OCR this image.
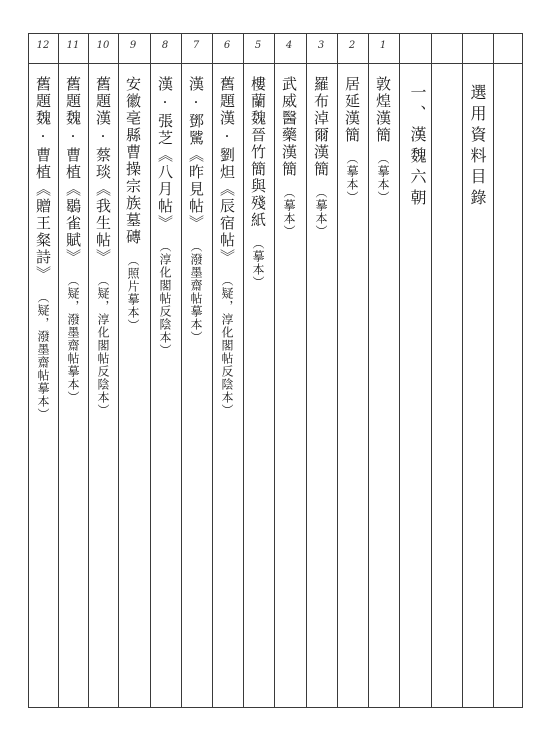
選用資料目錄
一、漢魏六朝
1
敦煌漢簡︵摹本︶
2
居延漢簡︵摹本︶
3
羅布淖爾漢簡︵摹本︶
4
武威醫藥漢簡︵摹本︶
5
樓蘭魏晉竹簡與殘紙︵摹本︶
6
舊題漢·劉炟《辰宿帖》︵疑，淳化閣帖反陰本︶
7
漢·鄧騭《昨見帖》︵潑墨齋帖摹本︶
8
漢·張芝《八月帖》︵淳化閣帖反陰本︶
9
安徽亳縣曹操宗族墓磚︵照片摹本︶
10
舊題漢·蔡琰《我生帖》︵疑，淳化閣帖反陰本︶
11
舊題魏·曹植《鶡雀賦》︵疑，潑墨齋帖摹本︶
12
舊題魏·曹植《贈王粲詩》︵疑，潑墨齋帖摹本︶
